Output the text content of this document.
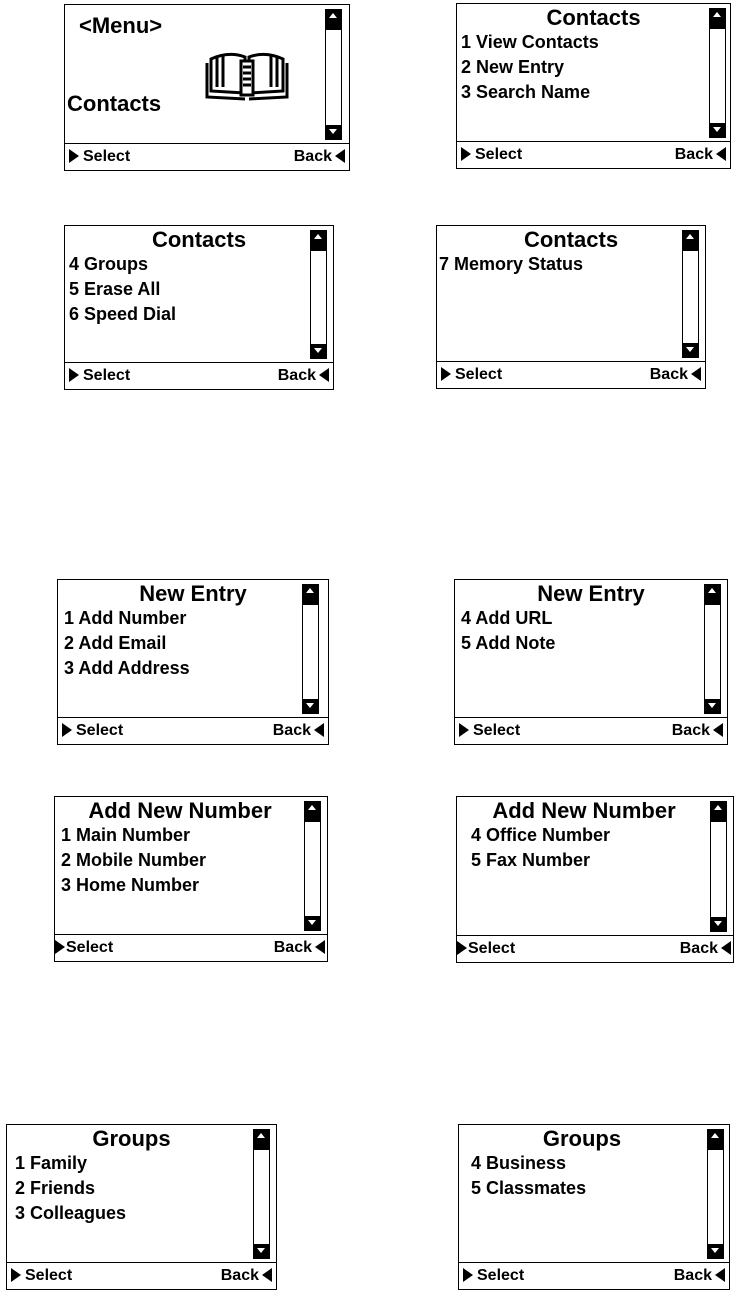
<Menu>
Contacts
Select	Back
Contacts
1 View Contacts
2 New Entry
3 Search Name
Select	Back
Contacts
4 Groups
5 Erase All
6 Speed Dial
Select	Back
Contacts
7 Memory Status
Select	Back
New Entry
1 Add Number
2 Add Email
3 Add Address
Select	Back
New Entry
4 Add URL
5 Add Note
Select	Back
Add New Number
1 Main Number
2 Mobile Number
3 Home Number
Select	Back
Add New Number
4 Office Number
5 Fax Number
Select	Back
Groups
1 Family
2 Friends
3 Colleagues
Select	Back
Groups
4 Business
5 Classmates
Select	Back
